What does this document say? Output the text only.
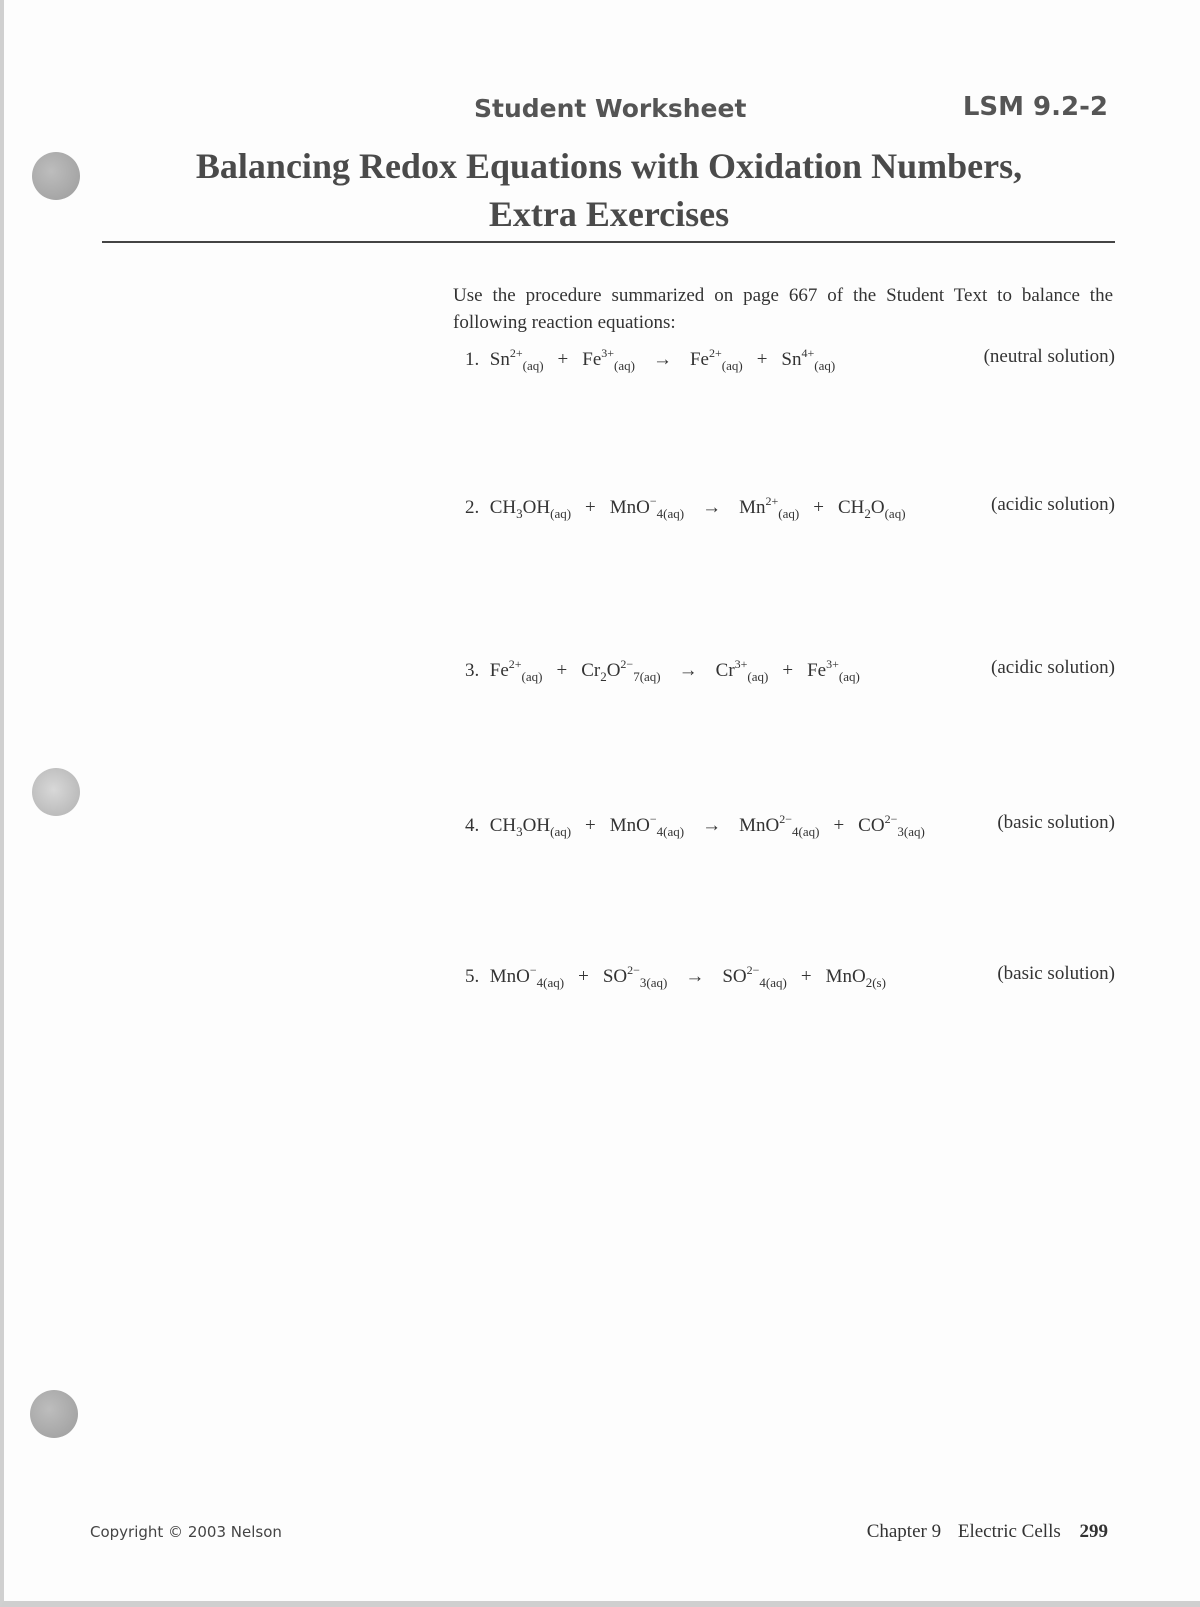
Student Worksheet	LSM 9.2-2
Balancing Redox Equations with Oxidation Numbers,
Extra Exercises
Use the procedure summarized on page 667 of the Student Text to balance the following reaction equations:
1. $Sn^{2+}_{(aq)} + Fe^{3+}_{(aq)} \to Fe^{2+}_{(aq)} + Sn^{4+}_{(aq)}$	(neutral solution)
2. $CH_3OH_{(aq)} + MnO^-_{4(aq)} \to Mn^{2+}_{(aq)} + CH_2O_{(aq)}$	(acidic solution)
3. $Fe^{2+}_{(aq)} + Cr_2O^{2-}_{7(aq)} \to Cr^{3+}_{(aq)} + Fe^{3+}_{(aq)}$	(acidic solution)
4. $CH_3OH_{(aq)} + MnO^-_{4(aq)} \to MnO^{2-}_{4(aq)} + CO^{2-}_{3(aq)}$	(basic solution)
5. $MnO^-_{4(aq)} + SO^{2-}_{3(aq)} \to SO^{2-}_{4(aq)} + MnO_{2(s)}$	(basic solution)
Copyright © 2003 Nelson	Chapter 9 Electric Cells 299
